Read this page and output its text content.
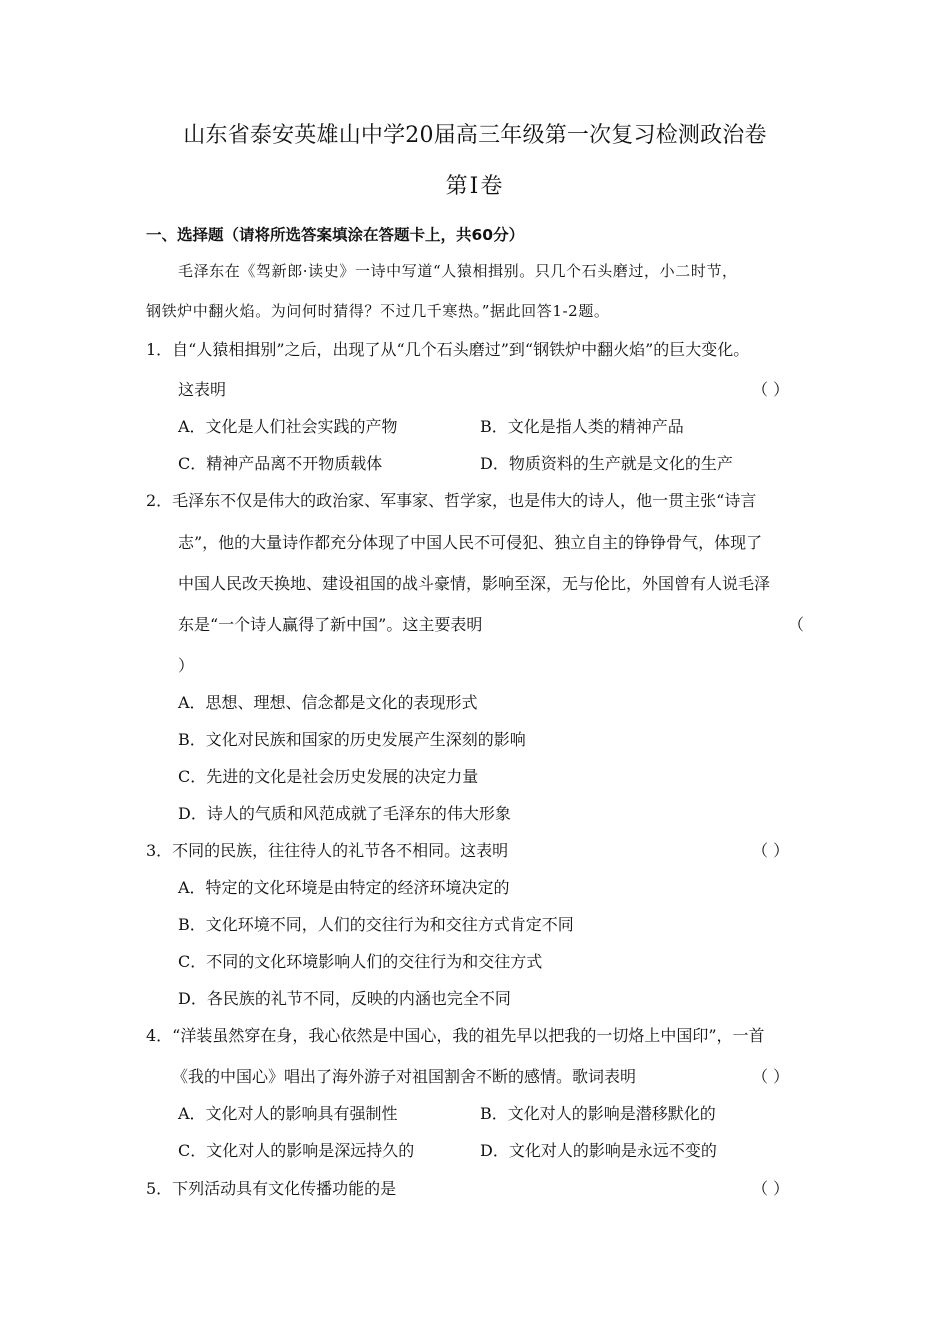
山东省泰安英雄山中学20届高三年级第一次复习检测政治卷
第Ⅰ卷
一、选择题（请将所选答案填涂在答题卡上，共60分）
毛泽东在《驾新郎·读史》一诗中写道“人猿相揖别。只几个石头磨过，小二时节，
钢铁炉中翻火焰。为问何时猜得？不过几千寒热。”据此回答1-2题。
1．自“人猿相揖别”之后，出现了从“几个石头磨过”到“钢铁炉中翻火焰”的巨大变化。
这表明	（ ）
A．文化是人们社会实践的产物	B．文化是指人类的精神产品
C．精神产品离不开物质载体	D．物质资料的生产就是文化的生产
2．毛泽东不仅是伟大的政治家、军事家、哲学家，也是伟大的诗人，他一贯主张“诗言
志”，他的大量诗作都充分体现了中国人民不可侵犯、独立自主的铮铮骨气，体现了
中国人民改天换地、建设祖国的战斗豪情，影响至深，无与伦比，外国曾有人说毛泽
东是“一个诗人赢得了新中国”。这主要表明	（
）
A．思想、理想、信念都是文化的表现形式
B．文化对民族和国家的历史发展产生深刻的影响
C．先进的文化是社会历史发展的决定力量
D．诗人的气质和风范成就了毛泽东的伟大形象
3．不同的民族，往往待人的礼节各不相同。这表明	（ ）
A．特定的文化环境是由特定的经济环境决定的
B．文化环境不同，人们的交往行为和交往方式肯定不同
C．不同的文化环境影响人们的交往行为和交往方式
D．各民族的礼节不同，反映的内涵也完全不同
4．“洋装虽然穿在身，我心依然是中国心，我的祖先早以把我的一切烙上中国印”，一首
《我的中国心》唱出了海外游子对祖国割舍不断的感情。歌词表明	（ ）
A．文化对人的影响具有强制性	B．文化对人的影响是潜移默化的
C．文化对人的影响是深远持久的	D．文化对人的影响是永远不变的
5．下列活动具有文化传播功能的是	（ ）
